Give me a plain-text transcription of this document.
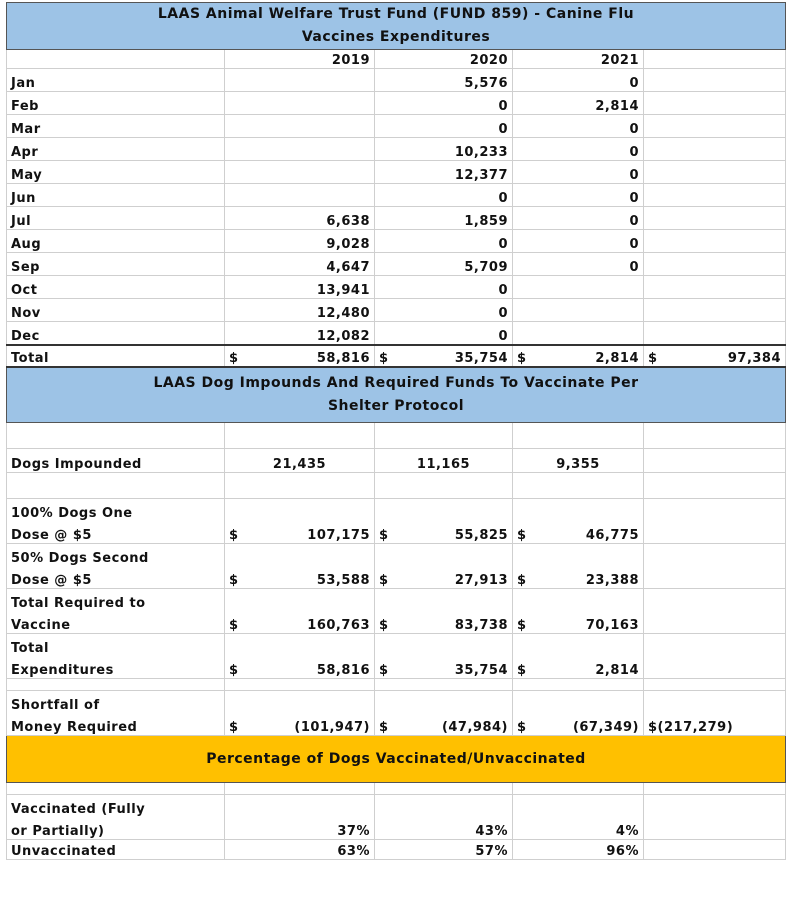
LAAS Animal Welfare Trust Fund (FUND 859) - Canine Flu
Vaccines Expenditures				

	2019	2020	2021	
Jan		5,576	0	
Feb		0	2,814	
Mar		0	0	
Apr		10,233	0	
May		12,377	0	
Jun		0	0	
Jul	6,638	1,859	0	
Aug	9,028	0	0	
Sep	4,647	5,709	0	
Oct	13,941	0		
Nov	12,480	0		
Dec	12,082	0		
Total	$ 58,816	$ 35,754	$ 2,814	$ 97,384

LAAS Dog Impounds And Required Funds To Vaccinate Per
Shelter Protocol				

Dogs Impounded	21,435	11,165	9,355	

100% Dogs One				
Dose @ $5	$ 107,175	$ 55,825	$ 46,775	

50% Dogs Second				
Dose @ $5	$ 53,588	$ 27,913	$ 23,388	

Total Required to				
Vaccine	$ 160,763	$ 83,738	$ 70,163	

Total				
Expenditures	$ 58,816	$ 35,754	$ 2,814	

Shortfall of				
Money Required	$ (101,947)	$ (47,984)	$ (67,349)	$(217,279)
Percentage of Dogs Vaccinated/Unvaccinated				

Vaccinated (Fully				
or Partially)	37%	43%	4%	
Unvaccinated	63%	57%	96%	
